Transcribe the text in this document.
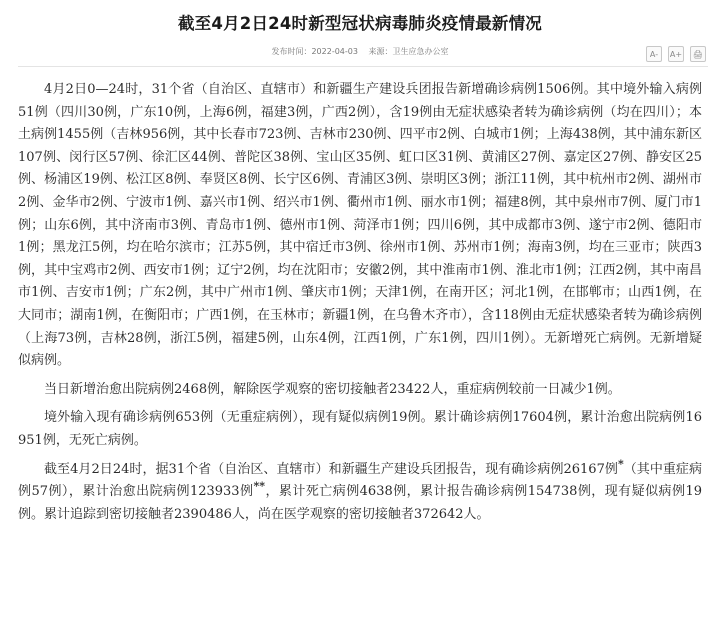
截至4月2日24时新型冠状病毒肺炎疫情最新情况
发布时间：2022-04-03 来源：卫生应急办公室	A-	A+	🖨

4月2日0—24时，31个省（自治区、直辖市）和新疆生产建设兵团报告新增确诊病例1506例。其中境外输入病例51例（四川30例，广东10例，上海6例，福建3例，广西2例），含19例由无症状感染者转为确诊病例（均在四川）；本土病例1455例（吉林956例，其中长春市723例、吉林市230例、四平市2例、白城市1例；上海438例，其中浦东新区107例、闵行区57例、徐汇区44例、普陀区38例、宝山区35例、虹口区31例、黄浦区27例、嘉定区27例、静安区25例、杨浦区19例、松江区8例、奉贤区8例、长宁区6例、青浦区3例、崇明区3例；浙江11例，其中杭州市2例、湖州市2例、金华市2例、宁波市1例、嘉兴市1例、绍兴市1例、衢州市1例、丽水市1例；福建8例，其中泉州市7例、厦门市1例；山东6例，其中济南市3例、青岛市1例、德州市1例、菏泽市1例；四川6例，其中成都市3例、遂宁市2例、德阳市1例；黑龙江5例，均在哈尔滨市；江苏5例，其中宿迁市3例、徐州市1例、苏州市1例；海南3例，均在三亚市；陕西3例，其中宝鸡市2例、西安市1例；辽宁2例，均在沈阳市；安徽2例，其中淮南市1例、淮北市1例；江西2例，其中南昌市1例、吉安市1例；广东2例，其中广州市1例、肇庆市1例；天津1例，在南开区；河北1例，在邯郸市；山西1例，在大同市；湖南1例，在衡阳市；广西1例，在玉林市；新疆1例，在乌鲁木齐市），含118例由无症状感染者转为确诊病例（上海73例，吉林28例，浙江5例，福建5例，山东4例，江西1例，广东1例，四川1例）。无新增死亡病例。无新增疑似病例。

当日新增治愈出院病例2468例，解除医学观察的密切接触者23422人，重症病例较前一日减少1例。

境外输入现有确诊病例653例（无重症病例），现有疑似病例19例。累计确诊病例17604例，累计治愈出院病例16951例，无死亡病例。

截至4月2日24时，据31个省（自治区、直辖市）和新疆生产建设兵团报告，现有确诊病例26167例*（其中重症病例57例），累计治愈出院病例123933例**，累计死亡病例4638例，累计报告确诊病例154738例，现有疑似病例19例。累计追踪到密切接触者2390486人，尚在医学观察的密切接触者372642人。
